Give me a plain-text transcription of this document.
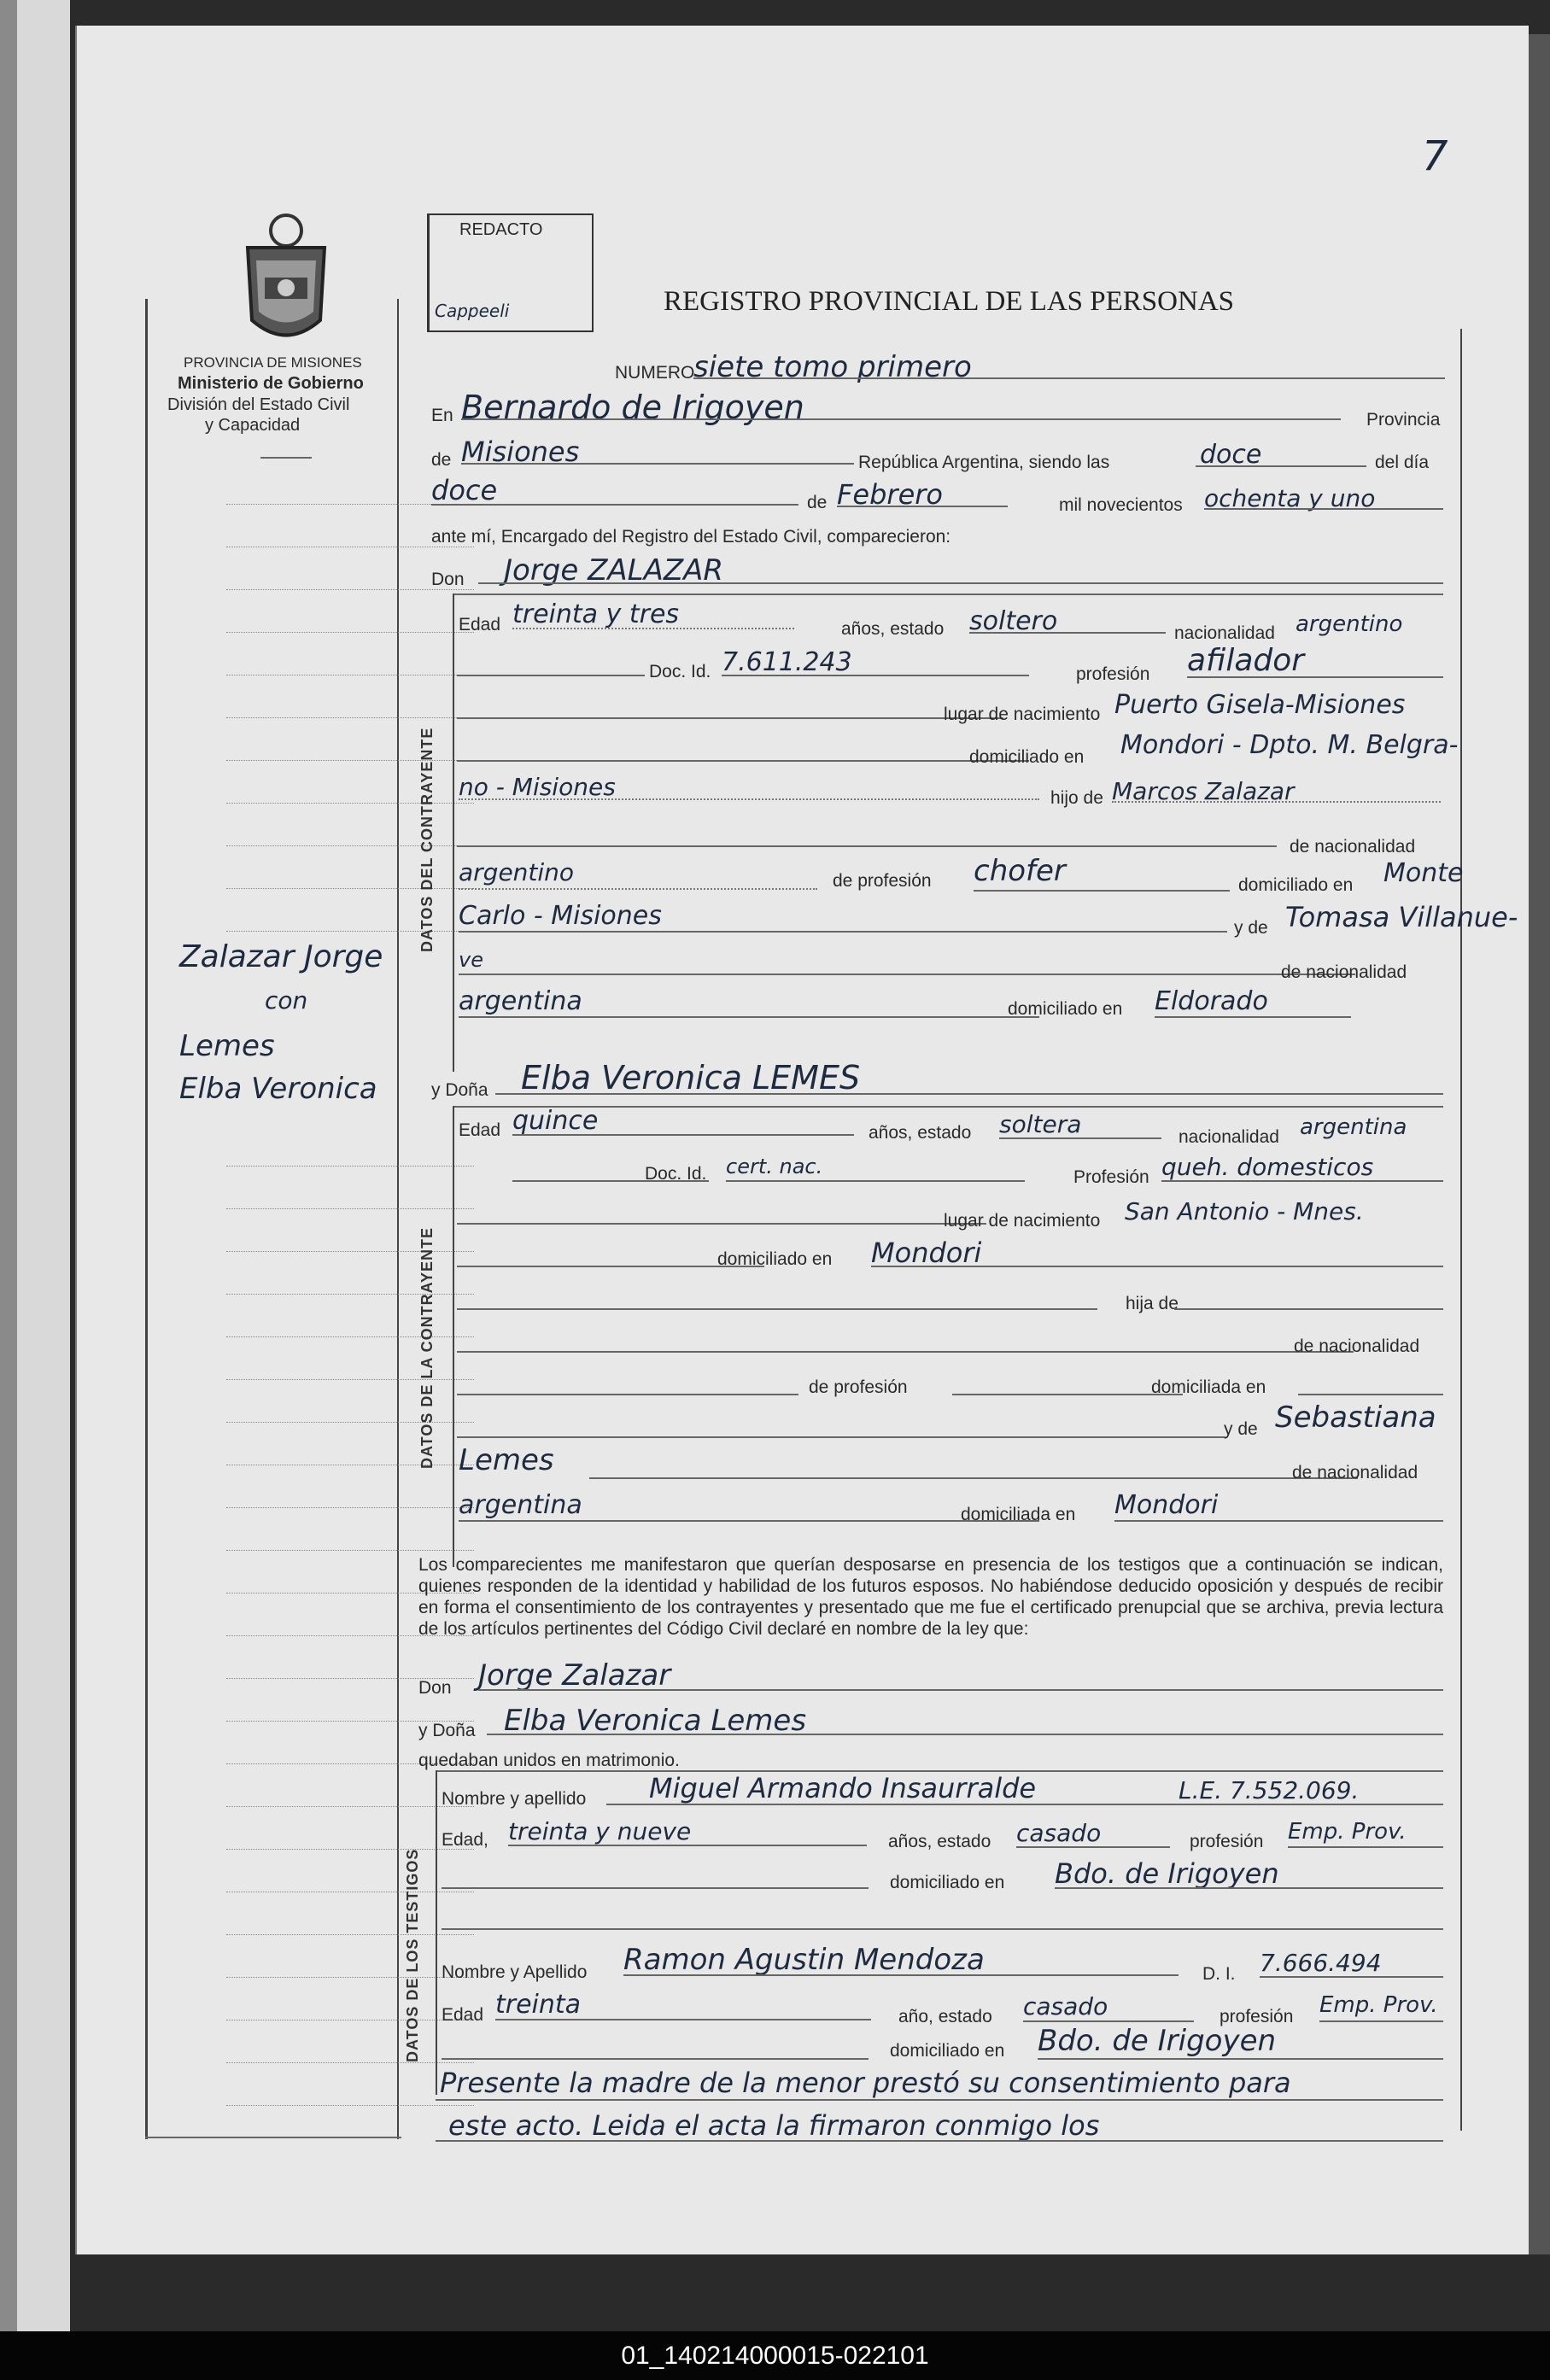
7
PROVINCIA DE MISIONES
Ministerio de Gobierno
División del Estado Civil
y Capacidad
Zalazar Jorge
con
Lemes
Elba Veronica
REDACTO
Cappeeli	REGISTRO PROVINCIAL DE LAS PERSONAS
NUMERO
siete tomo primero
En Bernardo de Irigoyen	Provincia
de Misiones	República Argentina, siendo las	doce	del día
doce	de Febrero	mil novecientos ochenta y uno
ante mí, Encargado del Registro del Estado Civil, comparecieron:
Don Jorge ZALAZAR
DATOS DEL CONTRAYENTE
Edad treinta y tres	años, estado soltero	nacionalidad argentino
Doc. Id. 7.611.243	profesión afilador
lugar de nacimiento Puerto Gisela-Misiones
domiciliado en Mondori - Dpto. M. Belgra-
no - Misiones	hijo de Marcos Zalazar
de nacionalidad
argentino	de profesión chofer	domiciliado en Monte
Carlo - Misiones	y de Tomasa Villanue-
ve
de nacionalidad
argentina	domiciliado en Eldorado
y Doña Elba Veronica LEMES
DATOS DE LA CONTRAYENTE
Edad quince	años, estado soltera	nacionalidad argentina
Doc. Id. cert. nac.	Profesión queh. domesticos
lugar de nacimiento San Antonio - Mnes.
domiciliado en Mondori
hija de
de nacionalidad
de profesión	domiciliada en
y de Sebastiana
Lemes	de nacionalidad
argentina	domiciliada en Mondori
Los comparecientes me manifestaron que querían desposarse en presencia de los testigos que a continuación se indican, quienes responden de la identidad y habilidad de los futuros esposos. No habiéndose deducido oposición y después de recibir en forma el consentimiento de los contrayentes y presentado que me fue el certificado prenupcial que se archiva, previa lectura de los artículos pertinentes del Código Civil declaré en nombre de la ley que:
Don Jorge Zalazar
y Doña Elba Veronica Lemes
quedaban unidos en matrimonio.
DATOS DE LOS TESTIGOS
Nombre y apellido Miguel Armando Insaurralde	L.E. 7.552.069.
Edad, treinta y nueve	años, estado casado	profesión Emp. Prov.
domiciliado en Bdo. de Irigoyen
Nombre y Apellido Ramon Agustin Mendoza	D. I. 7.666.494
Edad treinta	año, estado casado	profesión Emp. Prov.
domiciliado en Bdo. de Irigoyen
Presente la madre de la menor prestó su consentimiento para
este acto. Leida el acta la firmaron conmigo los
01_140214000015-022101
